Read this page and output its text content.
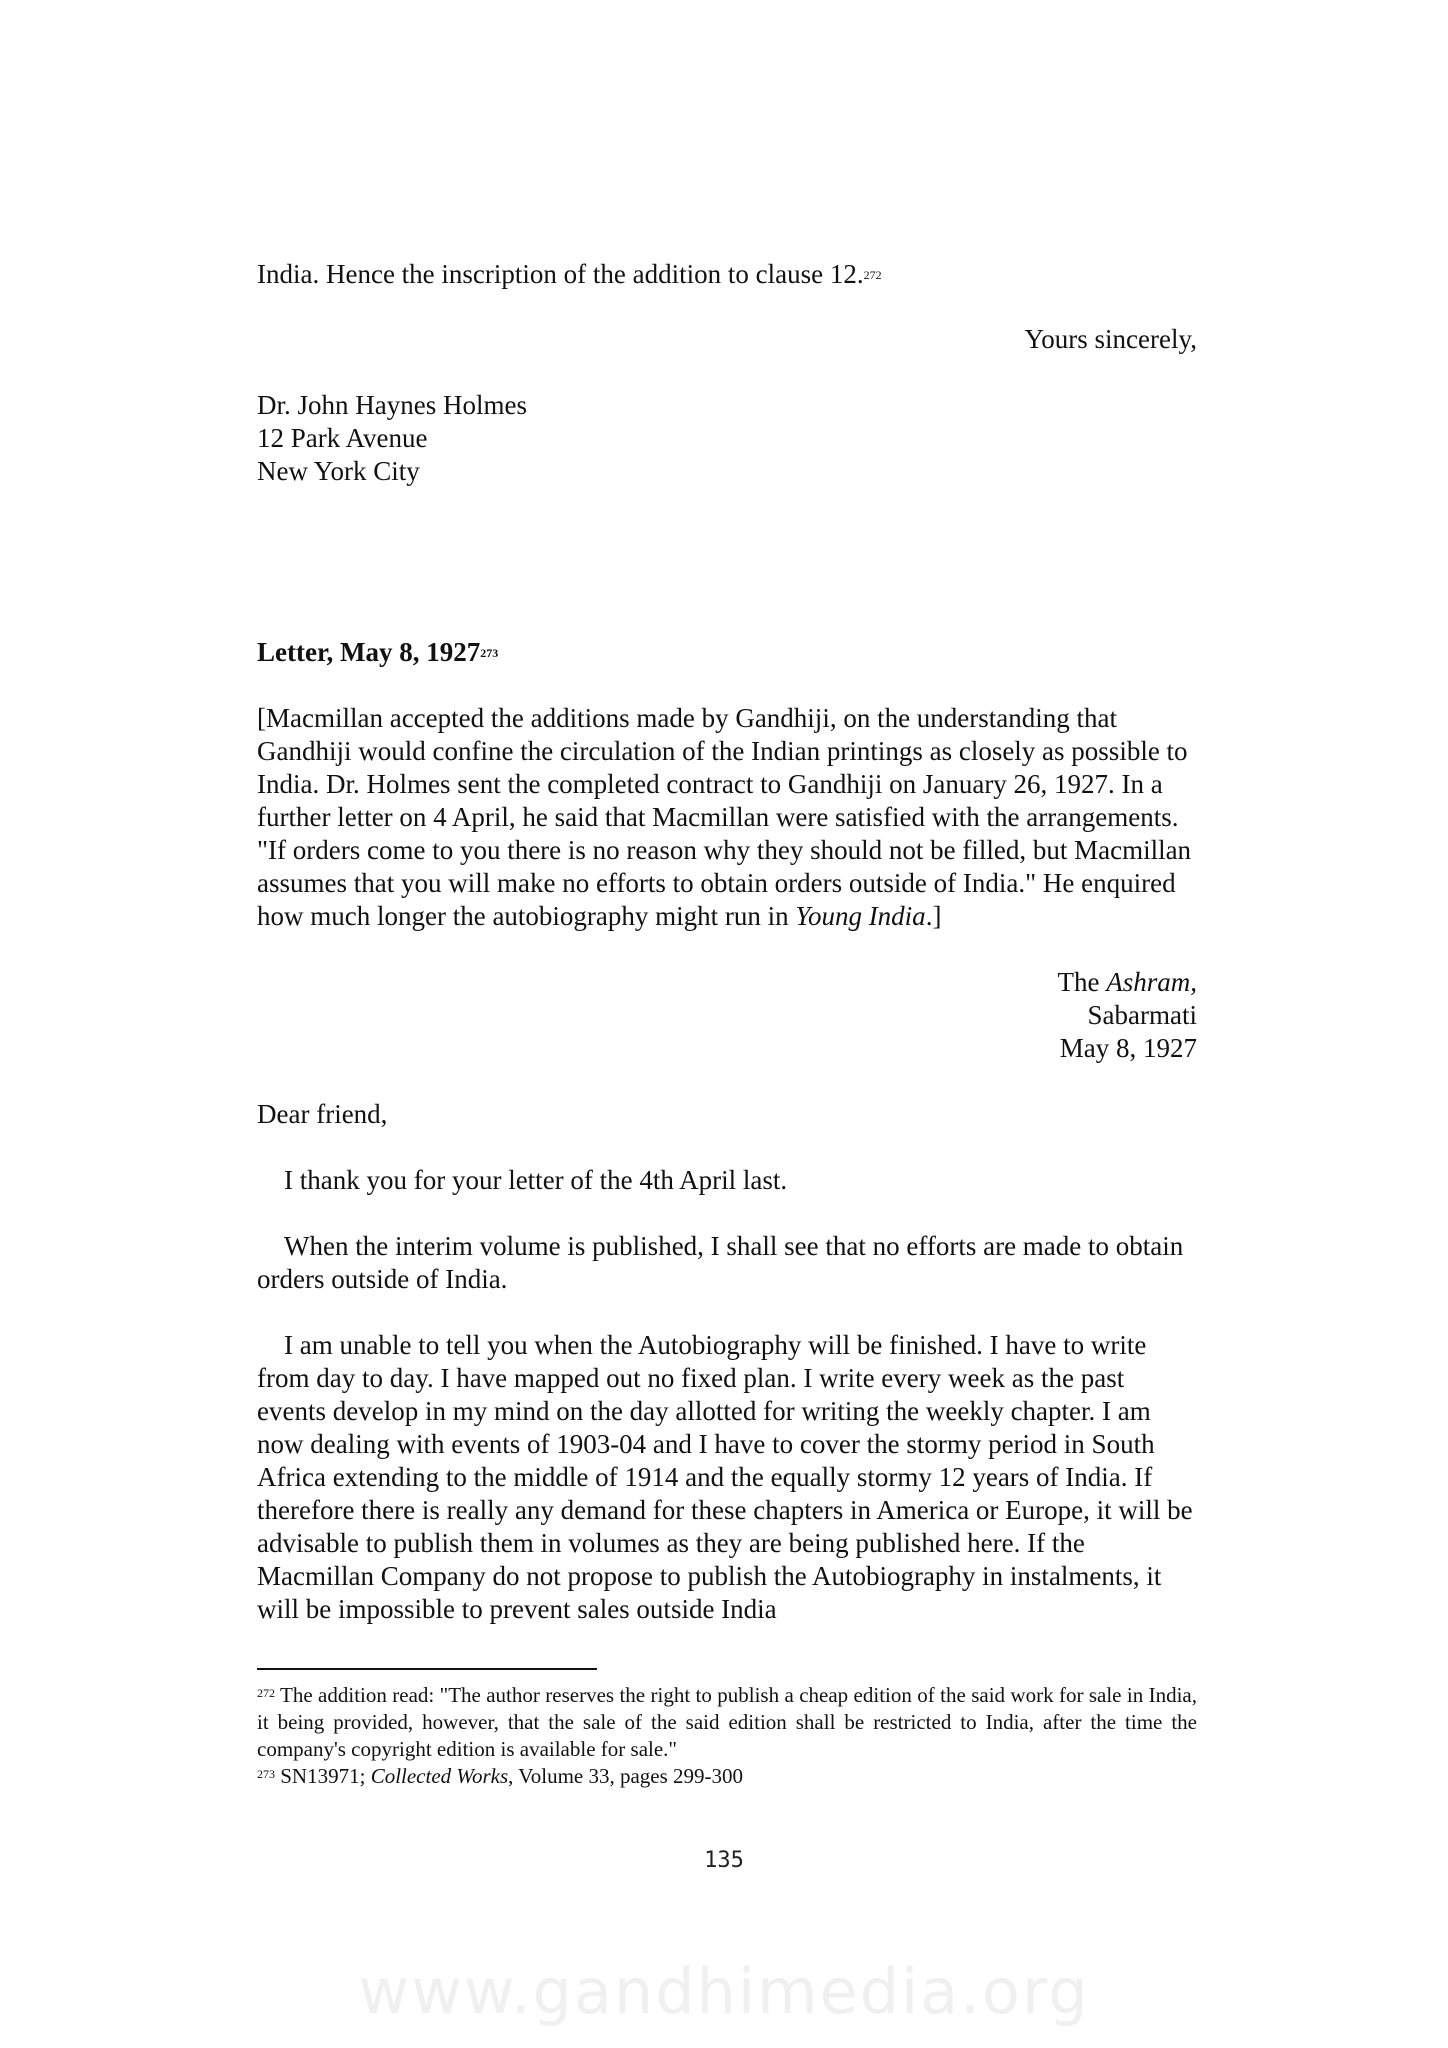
India. Hence the inscription of the addition to clause 12.$^{272}$

Yours sincerely,

Dr. John Haynes Holmes

12 Park Avenue

New York City

Letter, May 8, 1927$^{273}$

[Macmillan accepted the additions made by Gandhiji, on the understanding that Gandhiji would confine the circulation of the Indian printings as closely as possible to India. Dr. Holmes sent the completed contract to Gandhiji on January 26, 1927. In a further letter on 4 April, he said that Macmillan were satisfied with the arrangements. "If orders come to you there is no reason why they should not be filled, but Macmillan assumes that you will make no efforts to obtain orders outside of India." He enquired how much longer the autobiography might run in Young India.]

The Ashram,

Sabarmati

May 8, 1927

Dear friend,

I thank you for your letter of the 4th April last.

When the interim volume is published, I shall see that no efforts are made to obtain orders outside of India.

I am unable to tell you when the Autobiography will be finished. I have to write from day to day. I have mapped out no fixed plan. I write every week as the past events develop in my mind on the day allotted for writing the weekly chapter. I am now dealing with events of 1903-04 and I have to cover the stormy period in South Africa extending to the middle of 1914 and the equally stormy 12 years of India. If therefore there is really any demand for these chapters in America or Europe, it will be advisable to publish them in volumes as they are being published here. If the Macmillan Company do not propose to publish the Autobiography in instalments, it will be impossible to prevent sales outside India

$^{272}$ The addition read: "The author reserves the right to publish a cheap edition of the said work for sale in India, it being provided, however, that the sale of the said edition shall be restricted to India, after the time the company's copyright edition is available for sale."

$^{273}$ SN13971; Collected Works, Volume 33, pages 299-300

135
www.gandhimedia.org
